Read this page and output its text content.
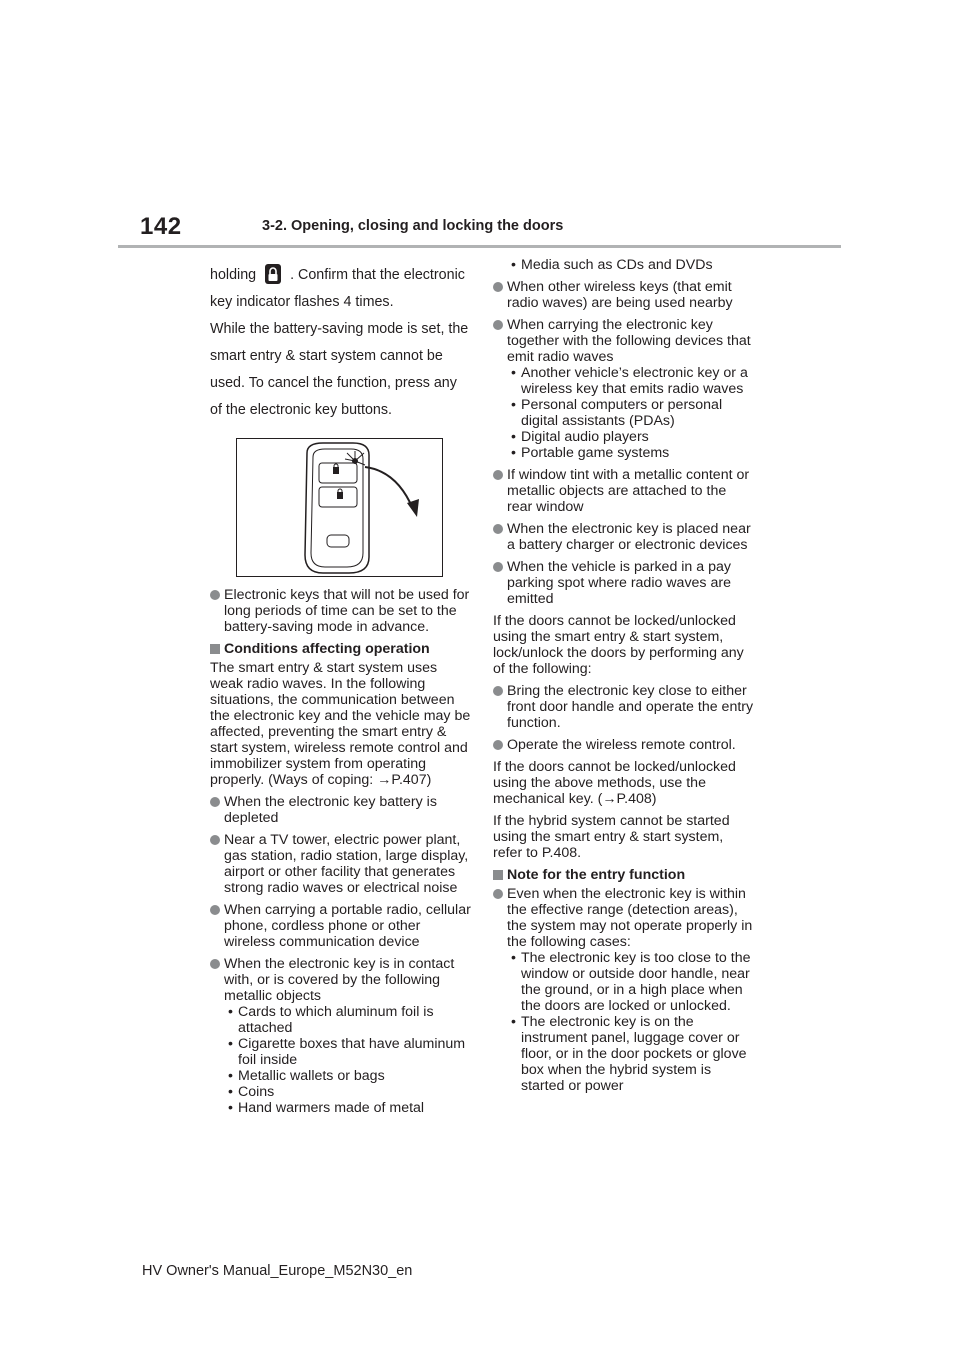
142	3-2. Opening, closing and locking the doors

holding . Confirm that the electronic

key indicator flashes 4 times.

While the battery-saving mode is set, the smart entry & start system cannot be used. To cancel the function, press any of the electronic key buttons.

Electronic keys that will not be used for long periods of time can be set to the battery-saving mode in advance.
Conditions affecting operation

The smart entry & start system uses weak radio waves. In the following situations, the communication between the electronic key and the vehicle may be affected, preventing the smart entry & start system, wireless remote control and immobilizer system from operating properly. (Ways of coping: →P.407)

When the electronic key battery is depleted
Near a TV tower, electric power plant, gas station, radio station, large display, airport or other facility that generates strong radio waves or electrical noise
When carrying a portable radio, cellular phone, cordless phone or other wireless communication device
When the electronic key is in contact with, or is covered by the following metallic objects
• Cards to which aluminum foil is attached
• Cigarette boxes that have aluminum foil inside
• Metallic wallets or bags
• Coins
• Hand warmers made of metal
• Media such as CDs and DVDs
When other wireless keys (that emit radio waves) are being used nearby
When carrying the electronic key together with the following devices that emit radio waves
• Another vehicle’s electronic key or a wireless key that emits radio waves
• Personal computers or personal digital assistants (PDAs)
• Digital audio players
• Portable game systems
If window tint with a metallic content or metallic objects are attached to the rear window
When the electronic key is placed near a battery charger or electronic devices
When the vehicle is parked in a pay parking spot where radio waves are emitted

If the doors cannot be locked/unlocked using the smart entry & start system, lock/unlock the doors by performing any of the following:

Bring the electronic key close to either front door handle and operate the entry function.
Operate the wireless remote control.

If the doors cannot be locked/unlocked using the above methods, use the mechanical key. (→P.408)

If the hybrid system cannot be started using the smart entry & start system, refer to P.408.

Note for the entry function
Even when the electronic key is within the effective range (detection areas), the system may not operate properly in the following cases:
• The electronic key is too close to the window or outside door handle, near the ground, or in a high place when the doors are locked or unlocked.
• The electronic key is on the instrument panel, luggage cover or floor, or in the door pockets or glove box when the hybrid system is started or power
HV Owner's Manual_Europe_M52N30_en
